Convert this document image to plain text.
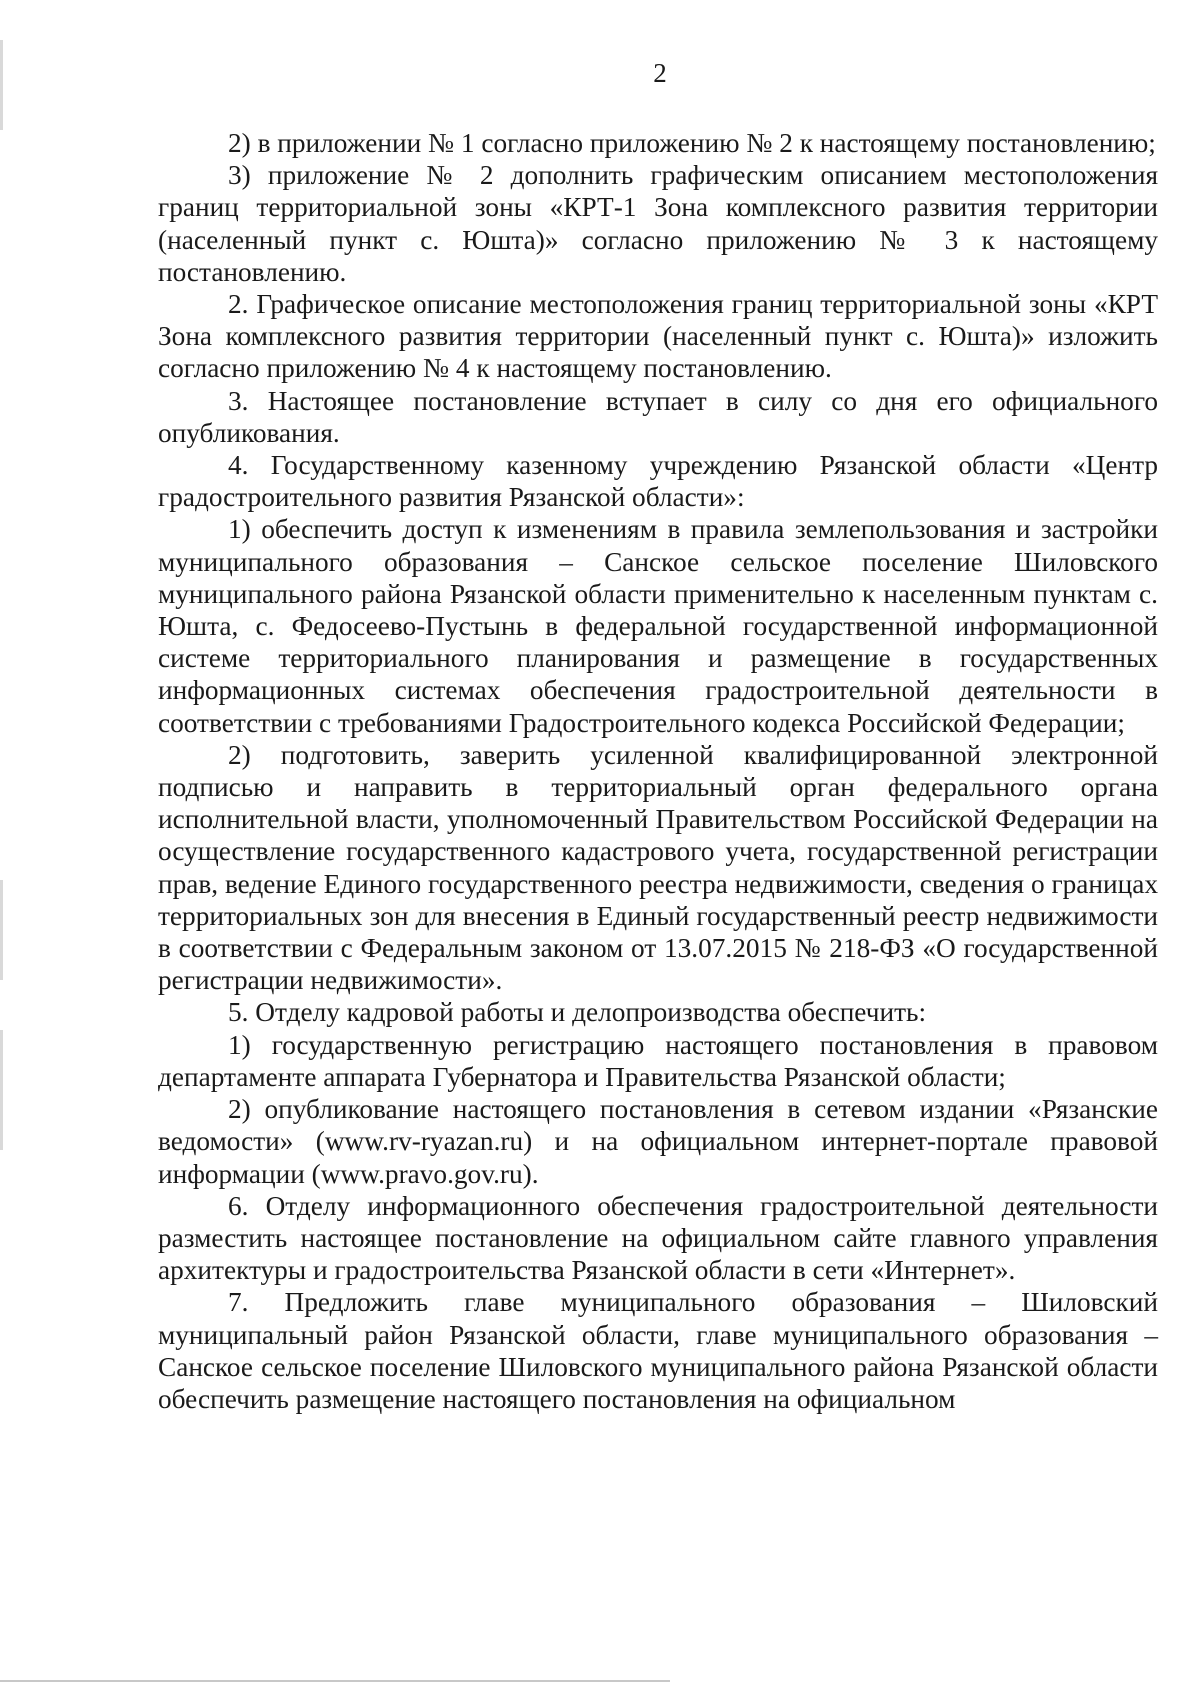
2

2) в приложении № 1 согласно приложению № 2 к настоящему постановлению;

3) приложение № 2 дополнить графическим описанием местоположения границ территориальной зоны «КРТ-1 Зона комплексного развития территории (населенный пункт с. Юшта)» согласно приложению № 3 к настоящему постановлению.

2. Графическое описание местоположения границ территориальной зоны «КРТ Зона комплексного развития территории (населенный пункт с. Юшта)» изложить согласно приложению № 4 к настоящему постановлению.

3. Настоящее постановление вступает в силу со дня его официального опубликования.

4. Государственному казенному учреждению Рязанской области «Центр градостроительного развития Рязанской области»:

1) обеспечить доступ к изменениям в правила землепользования и застройки муниципального образования – Санское сельское поселение Шиловского муниципального района Рязанской области применительно к населенным пунктам с. Юшта, с. Федосеево-Пустынь в федеральной государственной информационной системе территориального планирования и размещение в государственных информационных системах обеспечения градостроительной деятельности в соответствии с требованиями Градостроительного кодекса Российской Федерации;

2) подготовить, заверить усиленной квалифицированной электронной подписью и направить в территориальный орган федерального органа исполнительной власти, уполномоченный Правительством Российской Федерации на осуществление государственного кадастрового учета, государственной регистрации прав, ведение Единого государственного реестра недвижимости, сведения о границах территориальных зон для внесения в Единый государственный реестр недвижимости в соответствии с Федеральным законом от 13.07.2015 № 218-ФЗ «О государственной регистрации недвижимости».

5. Отделу кадровой работы и делопроизводства обеспечить:

1) государственную регистрацию настоящего постановления в правовом департаменте аппарата Губернатора и Правительства Рязанской области;

2) опубликование настоящего постановления в сетевом издании «Рязанские ведомости» (www.rv-ryazan.ru) и на официальном интернет-портале правовой информации (www.pravo.gov.ru).

6. Отделу информационного обеспечения градостроительной деятельности разместить настоящее постановление на официальном сайте главного управления архитектуры и градостроительства Рязанской области в сети «Интернет».

7. Предложить главе муниципального образования – Шиловский муниципальный район Рязанской области, главе муниципального образования – Санское сельское поселение Шиловского муниципального района Рязанской области обеспечить размещение настоящего постановления на официальном
